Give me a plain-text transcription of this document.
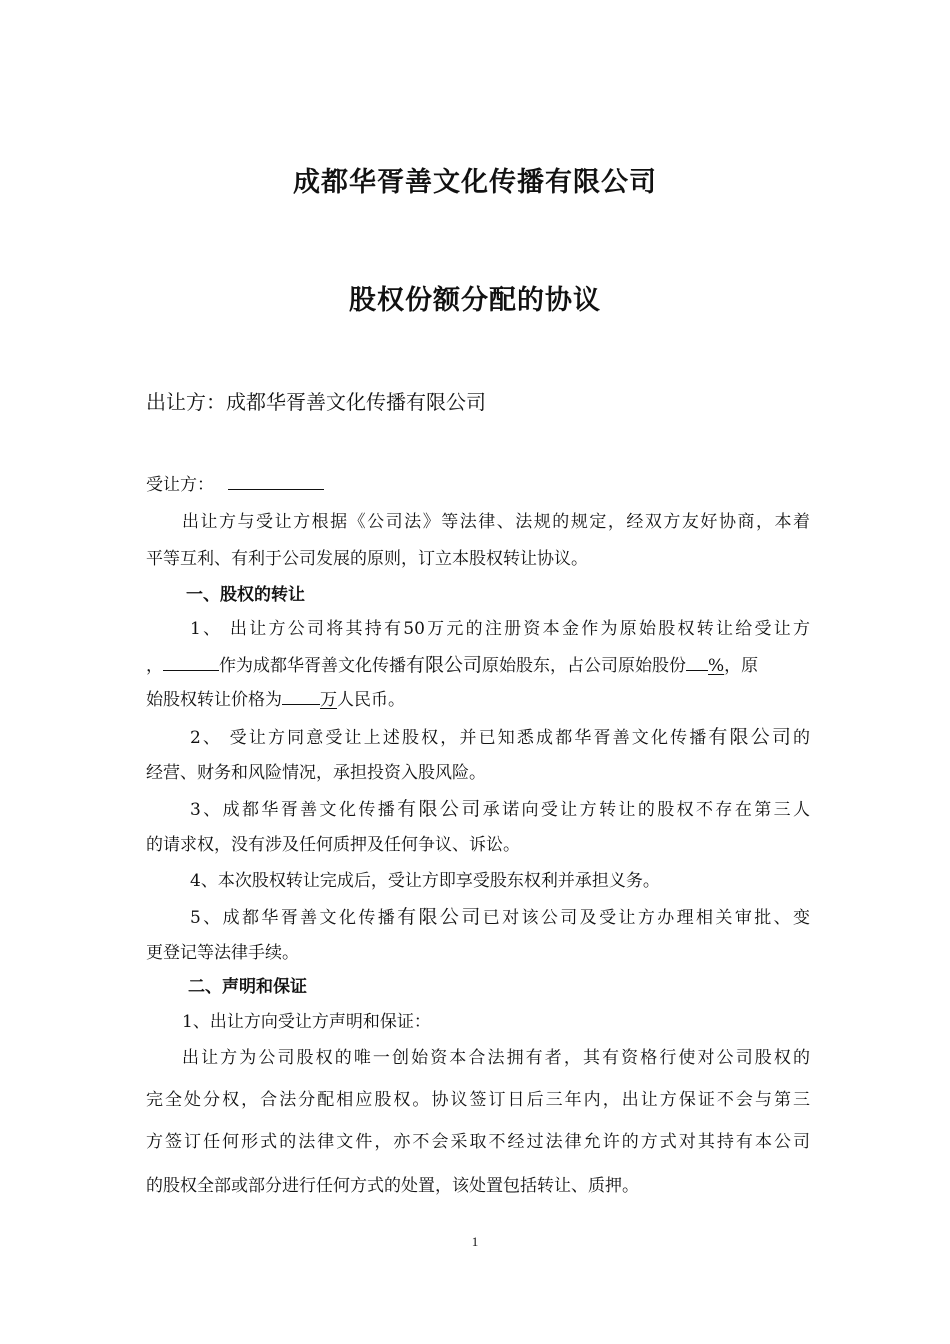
成都华胥善文化传播有限公司
股权份额分配的协议
出让方：成都华胥善文化传播有限公司
受让方：
出让方与受让方根据《公司法》等法律、法规的规定，经双方友好协商，本着
平等互利、有利于公司发展的原则，订立本股权转让协议。
一、股权的转让
1、 出让方公司将其持有50万元的注册资本金作为原始股权转让给受让方
，	作为成都华胥善文化传播有限公司原始股东，占公司原始股份 %，原
始股权转让价格为 万人民币。
2、 受让方同意受让上述股权，并已知悉成都华胥善文化传播有限公司的
经营、财务和风险情况，承担投资入股风险。
3、成都华胥善文化传播有限公司承诺向受让方转让的股权不存在第三人
的请求权，没有涉及任何质押及任何争议、诉讼。
4、本次股权转让完成后，受让方即享受股东权利并承担义务。
5、成都华胥善文化传播有限公司已对该公司及受让方办理相关审批、变
更登记等法律手续。
二、声明和保证
1、出让方向受让方声明和保证：
出让方为公司股权的唯一创始资本合法拥有者，其有资格行使对公司股权的
完全处分权，合法分配相应股权。协议签订日后三年内，出让方保证不会与第三
方签订任何形式的法律文件，亦不会采取不经过法律允许的方式对其持有本公司
的股权全部或部分进行任何方式的处置，该处置包括转让、质押。
1
